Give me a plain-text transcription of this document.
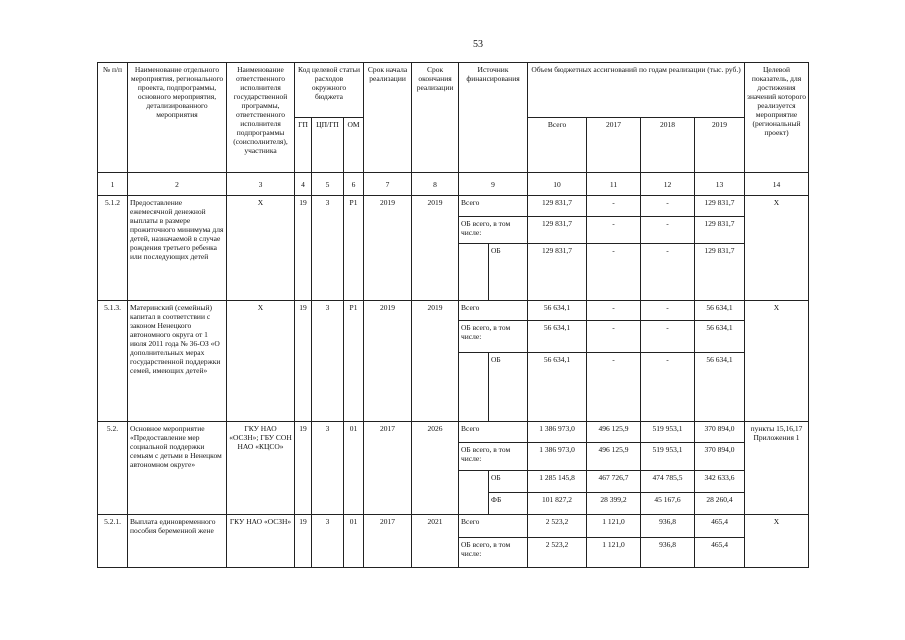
53
№ п/п	Наименование отдельного мероприятия, регионального проекта, подпрограммы, основного мероприятия, детализированного мероприятия	Наименование ответственного исполнителя государственной программы, ответственного исполнителя подпрограммы (соисполнителя), участника	Код целевой статьи расходов окружного бюджета			Срок начала реализации	Срок окончания реализации	Источник финансирования		Объем бюджетных ассигнований по годам реализации (тыс. руб.)				Целевой показатель, для достижения значений которого реализуется мероприятие (региональный проект)
			ГП	ЦП/ГП	ОМ					Всего	2017	2018	2019	
1	2	3	4	5	6	7	8	9		10	11	12	13	14
5.1.2	Предоставление ежемесячной денежной выплаты в размере прожиточного минимума для детей, назначаемой в случае рождения третьего ребенка или последующих детей	Х	19	3	Р1	2019	2019	Всего		129 831,7	-	-	129 831,7	Х
								ОБ всего, в том числе:		129 831,7	-	-	129 831,7	
									ОБ	129 831,7	-	-	129 831,7	
5.1.3.	Материнский (семейный) капитал в соответствии с законом Ненецкого автономного округа от 1 июля 2011 года № 36-ОЗ «О дополнительных мерах государственной поддержки семей, имеющих детей»	Х	19	3	Р1	2019	2019	Всего		56 634,1	-	-	56 634,1	Х
								ОБ всего, в том числе:		56 634,1	-	-	56 634,1	
									ОБ	56 634,1	-	-	56 634,1	
5.2.	Основное мероприятие «Предоставление мер социальной поддержки семьям с детьми в Ненецком автономном округе»	ГКУ НАО «ОСЗН»; ГБУ СОН НАО «КЦСО»	19	3	01	2017	2026	Всего		1 386 973,0	496 125,9	519 953,1	370 894,0	пункты 15,16,17 Приложения 1
								ОБ всего, в том числе:		1 386 973,0	496 125,9	519 953,1	370 894,0	
									ОБ	1 285 145,8	467 726,7	474 785,5	342 633,6	
									ФБ	101 827,2	28 399,2	45 167,6	28 260,4	
5.2.1.	Выплата единовременного пособия беременной жене	ГКУ НАО «ОСЗН»	19	3	01	2017	2021	Всего		2 523,2	1 121,0	936,8	465,4	Х
								ОБ всего, в том числе:		2 523,2	1 121,0	936,8	465,4	
